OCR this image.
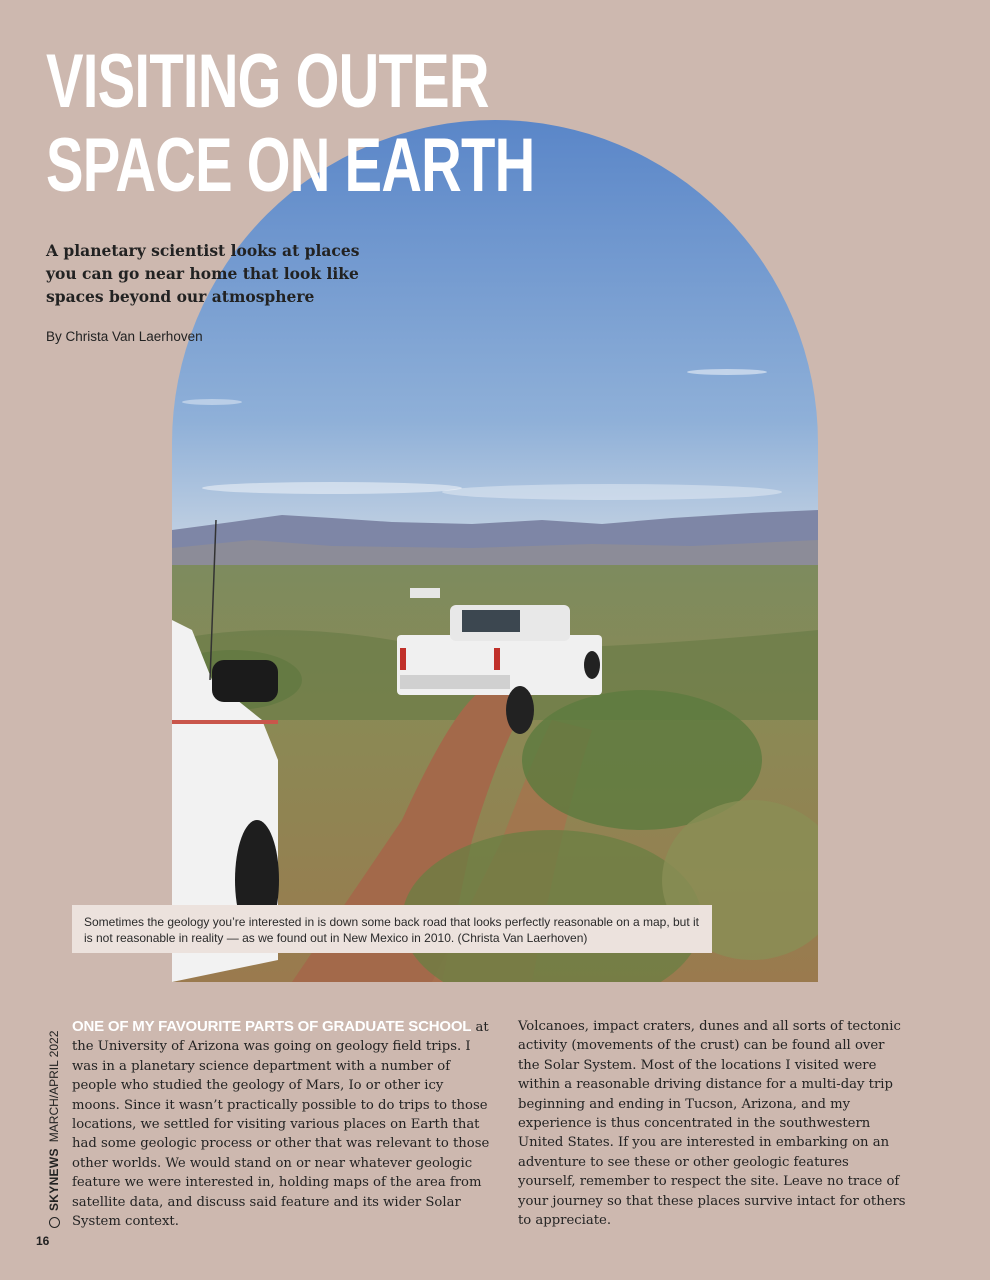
VISITING OUTER
SPACE ON EARTH

A planetary scientist looks at places you can go near home that look like spaces beyond our atmosphere

By Christa Van Laerhoven
Sometimes the geology you’re interested in is down some back road that looks perfectly reasonable on a map, but it is not reasonable in reality — as we found out in New Mexico in 2010. (Christa Van Laerhoven)

ONE OF MY FAVOURITE PARTS OF GRADUATE SCHOOL at the University of Arizona was going on geology field trips. I was in a planetary science department with a number of people who studied the geology of Mars, Io or other icy moons. Since it wasn’t practically possible to do trips to those locations, we settled for visiting various places on Earth that had some geologic process or other that was relevant to those other worlds. We would stand on or near whatever geologic feature we were interested in, holding maps of the area from satellite data, and discuss said feature and its wider Solar System context.

Volcanoes, impact craters, dunes and all sorts of tectonic activity (movements of the crust) can be found all over the Solar System. Most of the locations I visited were within a reasonable driving distance for a multi-day trip beginning and ending in Tucson, Arizona, and my experience is thus concentrated in the southwestern United States. If you are interested in embarking on an adventure to see these or other geologic features yourself, remember to respect the site. Leave no trace of your journey so that these places survive intact for others to appreciate.

SKYNEWS
MARCH/APRIL 2022
16
